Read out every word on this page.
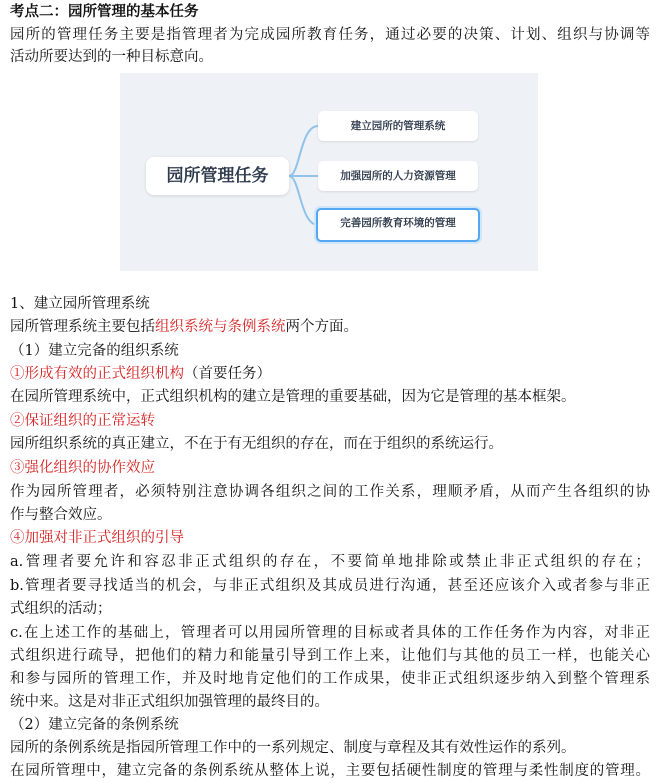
考点二：园所管理的基本任务
园所的管理任务主要是指管理者为完成园所教育任务，通过必要的决策、计划、组织与协调等
活动所要达到的一种目标意向。
园所管理任务
建立园所的管理系统
加强园所的人力资源管理
完善园所教育环境的管理
1、建立园所管理系统
园所管理系统主要包括组织系统与条例系统两个方面。
（1）建立完备的组织系统
①形成有效的正式组织机构（首要任务）
在园所管理系统中，正式组织机构的建立是管理的重要基础，因为它是管理的基本框架。
②保证组织的正常运转
园所组织系统的真正建立，不在于有无组织的存在，而在于组织的系统运行。
③强化组织的协作效应
作为园所管理者，必须特别注意协调各组织之间的工作关系，理顺矛盾，从而产生各组织的协
作与整合效应。
④加强对非正式组织的引导
a.管理者要允许和容忍非正式组织的存在，不要简单地排除或禁止非正式组织的存在；
b.管理者要寻找适当的机会，与非正式组织及其成员进行沟通，甚至还应该介入或者参与非正
式组织的活动；
c.在上述工作的基础上，管理者可以用园所管理的目标或者具体的工作任务作为内容，对非正
式组织进行疏导，把他们的精力和能量引导到工作上来，让他们与其他的员工一样，也能关心
和参与园所的管理工作，并及时地肯定他们的工作成果，使非正式组织逐步纳入到整个管理系
统中来。这是对非正式组织加强管理的最终目的。
（2）建立完备的条例系统
园所的条例系统是指园所管理工作中的一系列规定、制度与章程及其有效性运作的系列。
在园所管理中，建立完备的条例系统从整体上说，主要包括硬性制度的管理与柔性制度的管理。
